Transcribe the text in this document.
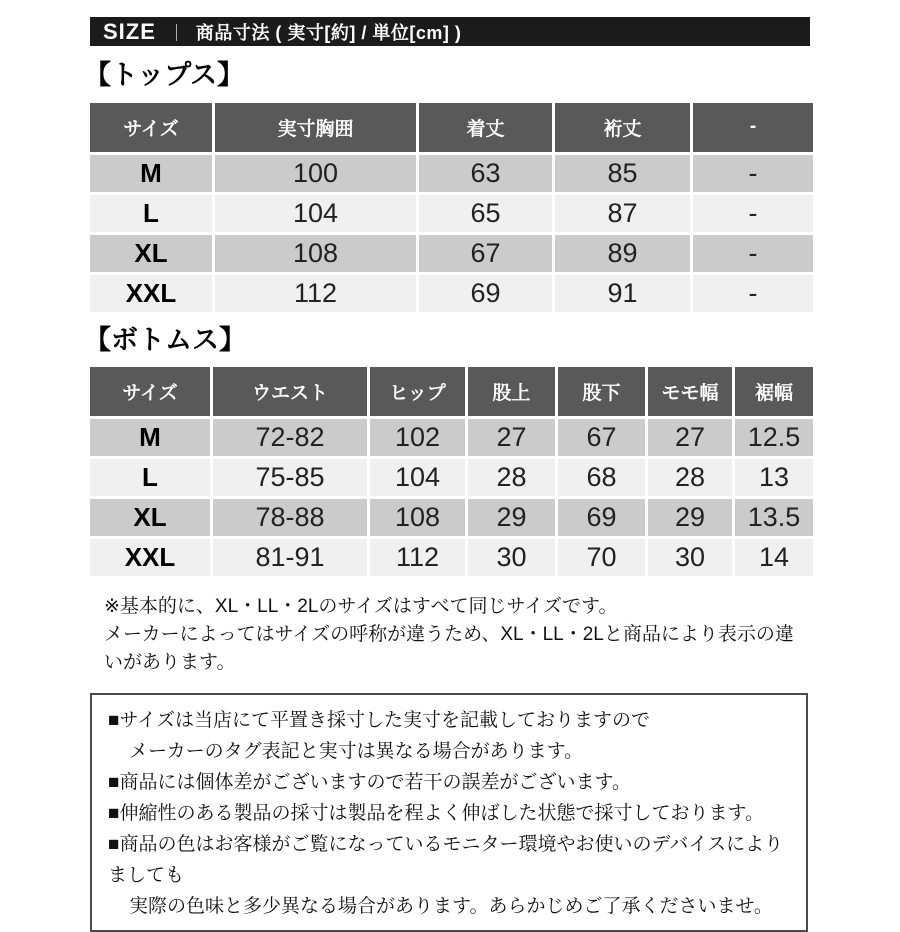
SIZE ｜ 商品寸法 ( 実寸[約] / 単位[cm] )
【トップス】
サイズ	実寸胸囲	着丈	裄丈	-
M	100	63	85	-
L	104	65	87	-
XL	108	67	89	-
XXL	112	69	91	-
【ボトムス】
サイズ	ウエスト	ヒップ	股上	股下	モモ幅	裾幅
M	72-82	102	27	67	27	12.5
L	75-85	104	28	68	28	13
XL	78-88	108	29	69	29	13.5
XXL	81-91	112	30	70	30	14
※基本的に、XL・LL・2Lのサイズはすべて同じサイズです。
メーカーによってはサイズの呼称が違うため、XL・LL・2Lと商品により表示の違いがあります。
■サイズは当店にて平置き採寸した実寸を記載しておりますので
メーカーのタグ表記と実寸は異なる場合があります。
■商品には個体差がございますので若干の誤差がございます。
■伸縮性のある製品の採寸は製品を程よく伸ばした状態で採寸しております。
■商品の色はお客様がご覧になっているモニター環境やお使いのデバイスによりましても
実際の色味と多少異なる場合があります。あらかじめご了承くださいませ。
